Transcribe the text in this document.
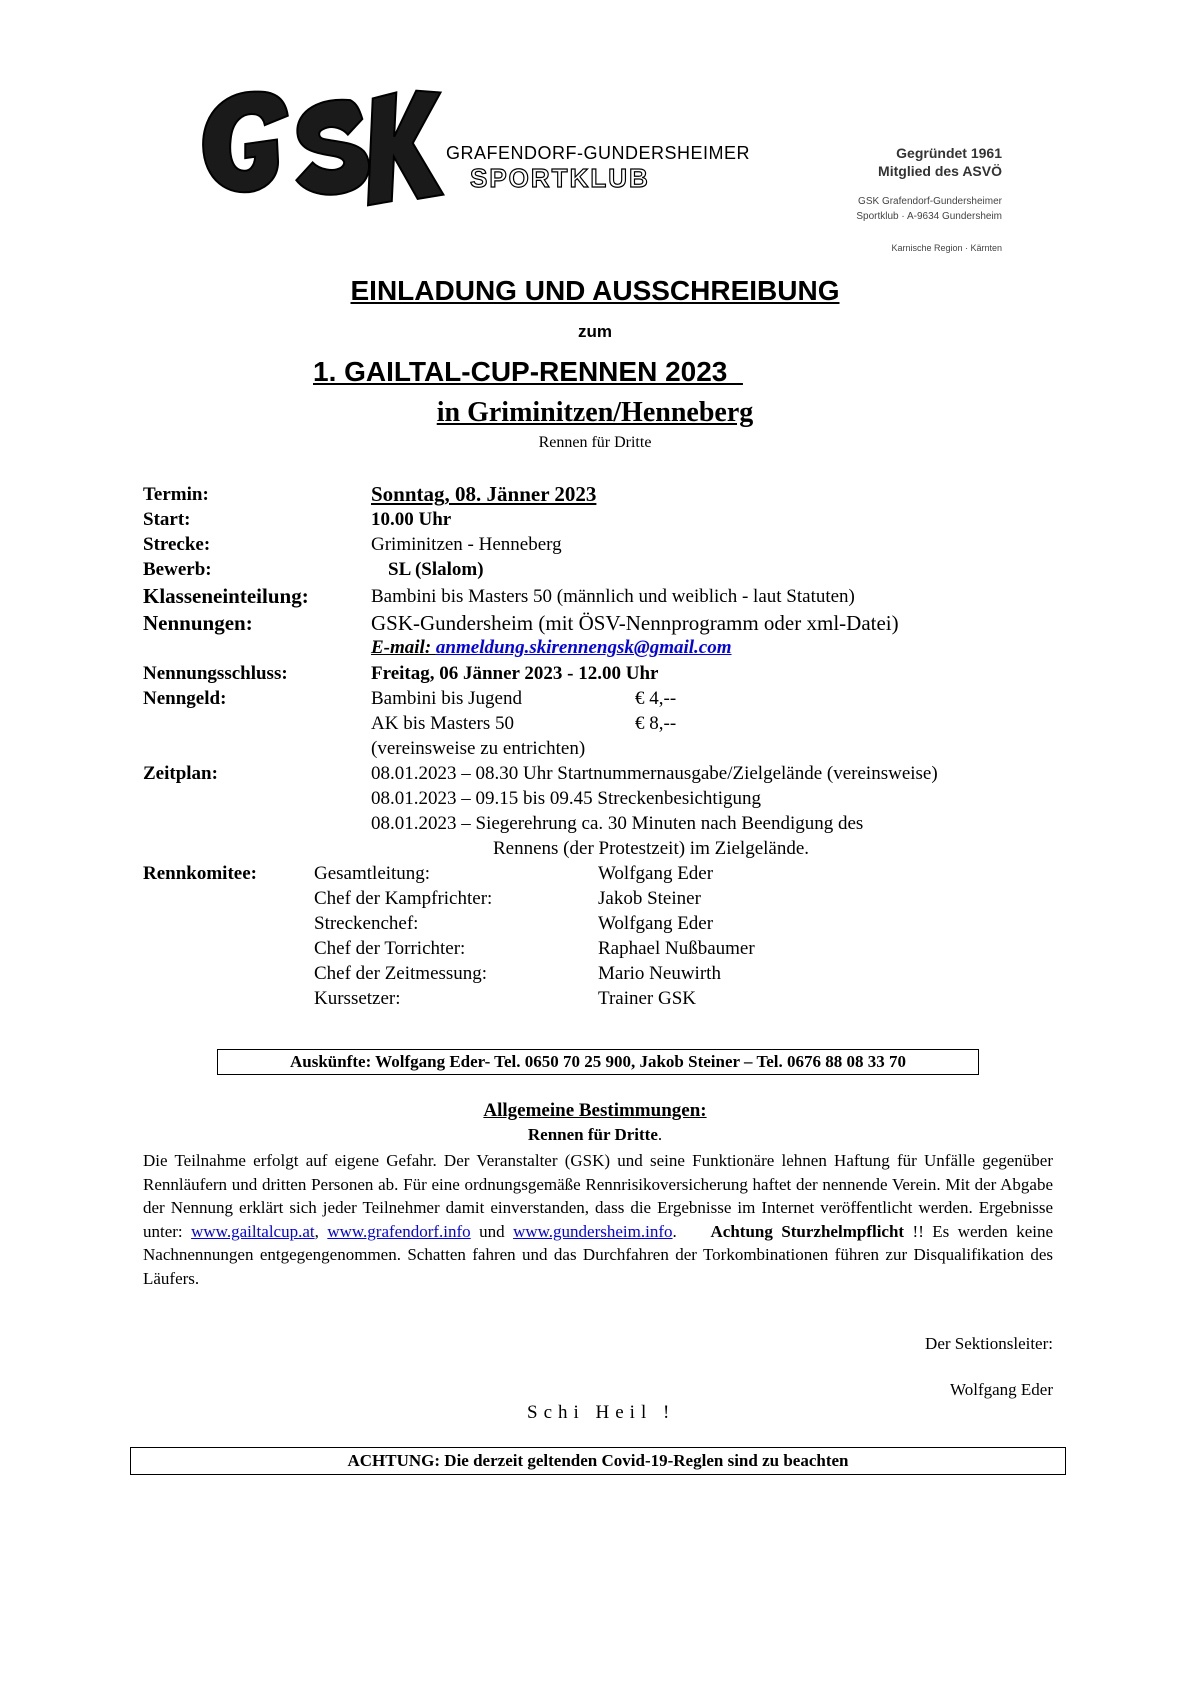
GRAFENDORF-GUNDERSHEIMER
SPORTKLUB
Gegründet 1961
Mitglied des ASVÖ
GSK Grafendorf-Gundersheimer
Sportklub · A-9634 Gundersheim
Karnische Region · Kärnten
EINLADUNG UND AUSSCHREIBUNG
zum
1. GAILTAL-CUP-RENNEN 2023
in Griminitzen/Henneberg
Rennen für Dritte
Termin:	Sonntag, 08. Jänner 2023
Start:	10.00 Uhr
Strecke:	Griminitzen - Henneberg
Bewerb:	SL (Slalom)
Klasseneinteilung:	Bambini bis Masters 50 (männlich und weiblich - laut Statuten)
Nennungen:	GSK-Gundersheim (mit ÖSV-Nennprogramm oder xml-Datei)
E-mail: anmeldung.skirennengsk@gmail.com
Nennungsschluss:	Freitag, 06 Jänner 2023 - 12.00 Uhr
Nenngeld:	Bambini bis Jugend	€ 4,--
AK bis Masters 50	€ 8,--
(vereinsweise zu entrichten)
Zeitplan:	08.01.2023 – 08.30 Uhr Startnummernausgabe/Zielgelände (vereinsweise)
08.01.2023 – 09.15 bis 09.45 Streckenbesichtigung
08.01.2023 – Siegerehrung ca. 30 Minuten nach Beendigung des
Rennens (der Protestzeit) im Zielgelände.
Rennkomitee:	Gesamtleitung:	Wolfgang Eder
Chef der Kampfrichter:	Jakob Steiner
Streckenchef:	Wolfgang Eder
Chef der Torrichter:	Raphael Nußbaumer
Chef der Zeitmessung:	Mario Neuwirth
Kurssetzer:	Trainer GSK
Auskünfte: Wolfgang Eder- Tel. 0650 70 25 900, Jakob Steiner – Tel. 0676 88 08 33 70
Allgemeine Bestimmungen:
Rennen für Dritte.
Die Teilnahme erfolgt auf eigene Gefahr. Der Veranstalter (GSK) und seine Funktionäre lehnen Haftung für Unfälle gegenüber Rennläufern und dritten Personen ab. Für eine ordnungsgemäße Rennrisikoversicherung haftet der nennende Verein. Mit der Abgabe der Nennung erklärt sich jeder Teilnehmer damit einverstanden, dass die Ergebnisse im Internet veröffentlicht werden. Ergebnisse unter: www.gailtalcup.at, www.grafendorf.info und www.gundersheim.info.    Achtung Sturzhelmpflicht !! Es werden keine Nachnennungen entgegengenommen. Schatten fahren und das Durchfahren der Torkombinationen führen zur Disqualifikation des Läufers.
Der Sektionsleiter:
Wolfgang Eder
Schi Heil !
ACHTUNG: Die derzeit geltenden Covid-19-Reglen sind zu beachten
